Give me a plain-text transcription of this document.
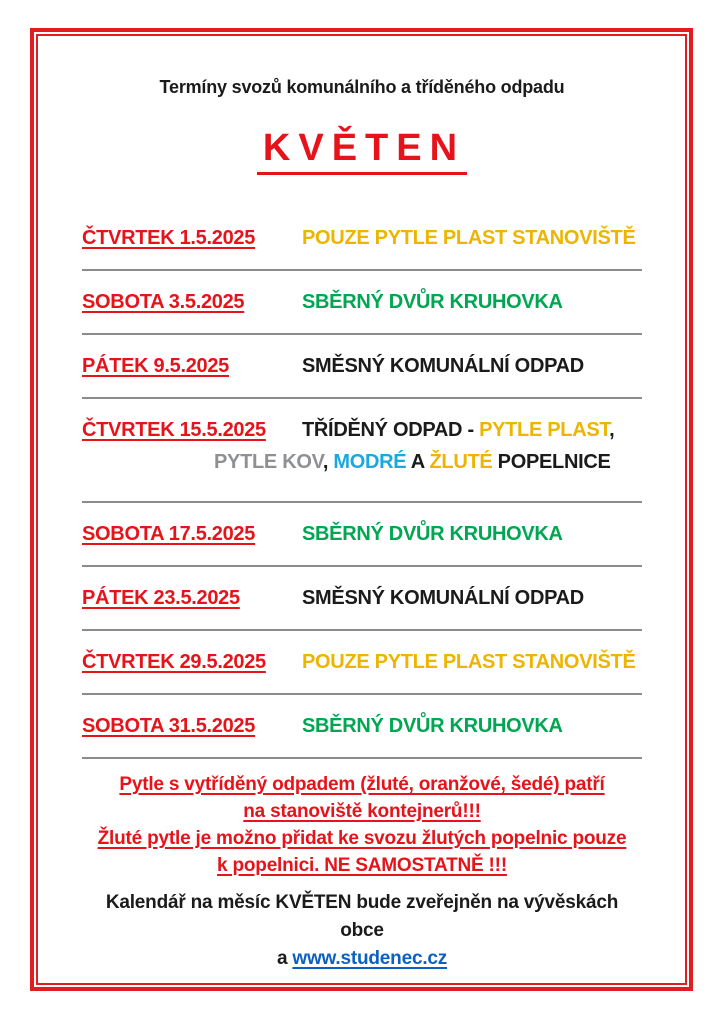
Termíny svozů komunálního a tříděného odpadu
KVĚTEN
ČTVRTEK 1.5.2025	POUZE PYTLE PLAST STANOVIŠTĚ
SOBOTA 3.5.2025	SBĚRNÝ DVŮR KRUHOVKA
PÁTEK 9.5.2025	SMĚSNÝ KOMUNÁLNÍ ODPAD
ČTVRTEK 15.5.2025	TŘÍDĚNÝ ODPAD - PYTLE PLAST,
PYTLE KOV, MODRÉ A ŽLUTÉ POPELNICE
SOBOTA 17.5.2025	SBĚRNÝ DVŮR KRUHOVKA
PÁTEK 23.5.2025	SMĚSNÝ KOMUNÁLNÍ ODPAD
ČTVRTEK 29.5.2025	POUZE PYTLE PLAST STANOVIŠTĚ
SOBOTA 31.5.2025	SBĚRNÝ DVŮR KRUHOVKA
Pytle s vytříděný odpadem (žluté, oranžové, šedé) patří
na stanoviště kontejnerů!!!
Žluté pytle je možno přidat ke svozu žlutých popelnic pouze
k popelnici. NE SAMOSTATNĚ !!!
Kalendář na měsíc KVĚTEN bude zveřejněn na vývěskách obce
a www.studenec.cz
